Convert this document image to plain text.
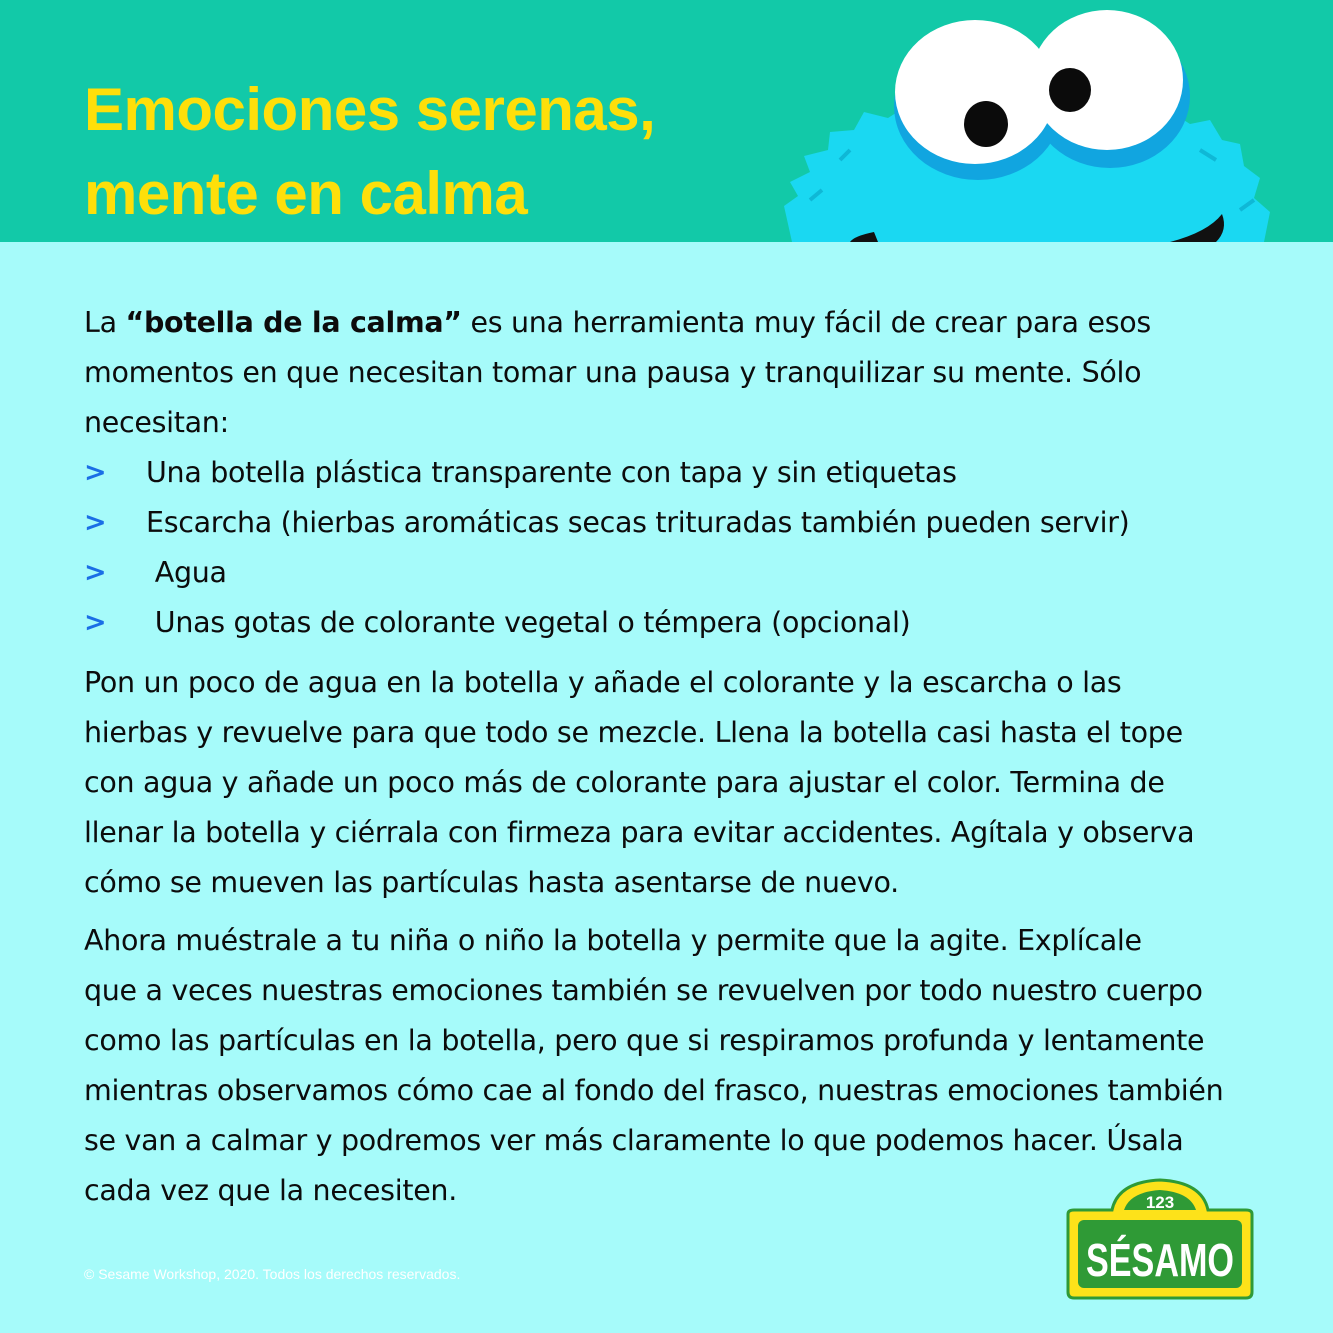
Emociones serenas,
mente en calma

La “botella de la calma” es una herramienta muy fácil de crear para esos
momentos en que necesitan tomar una pausa y tranquilizar su mente. Sólo
necesitan:

> Una botella plástica transparente con tapa y sin etiquetas
> Escarcha (hierbas aromáticas secas trituradas también pueden servir)
> Agua
> Unas gotas de colorante vegetal o témpera (opcional)

Pon un poco de agua en la botella y añade el colorante y la escarcha o las
hierbas y revuelve para que todo se mezcle. Llena la botella casi hasta el tope
con agua y añade un poco más de colorante para ajustar el color. Termina de
llenar la botella y ciérrala con firmeza para evitar accidentes. Agítala y observa
cómo se mueven las partículas hasta asentarse de nuevo.

Ahora muéstrale a tu niña o niño la botella y permite que la agite. Explícale
que a veces nuestras emociones también se revuelven por todo nuestro cuerpo
como las partículas en la botella, pero que si respiramos profunda y lentamente
mientras observamos cómo cae al fondo del frasco, nuestras emociones también
se van a calmar y podremos ver más claramente lo que podemos hacer. Úsala
cada vez que la necesiten.

© Sesame Workshop, 2020. Todos los derechos reservados.
123
SÉSAMO
